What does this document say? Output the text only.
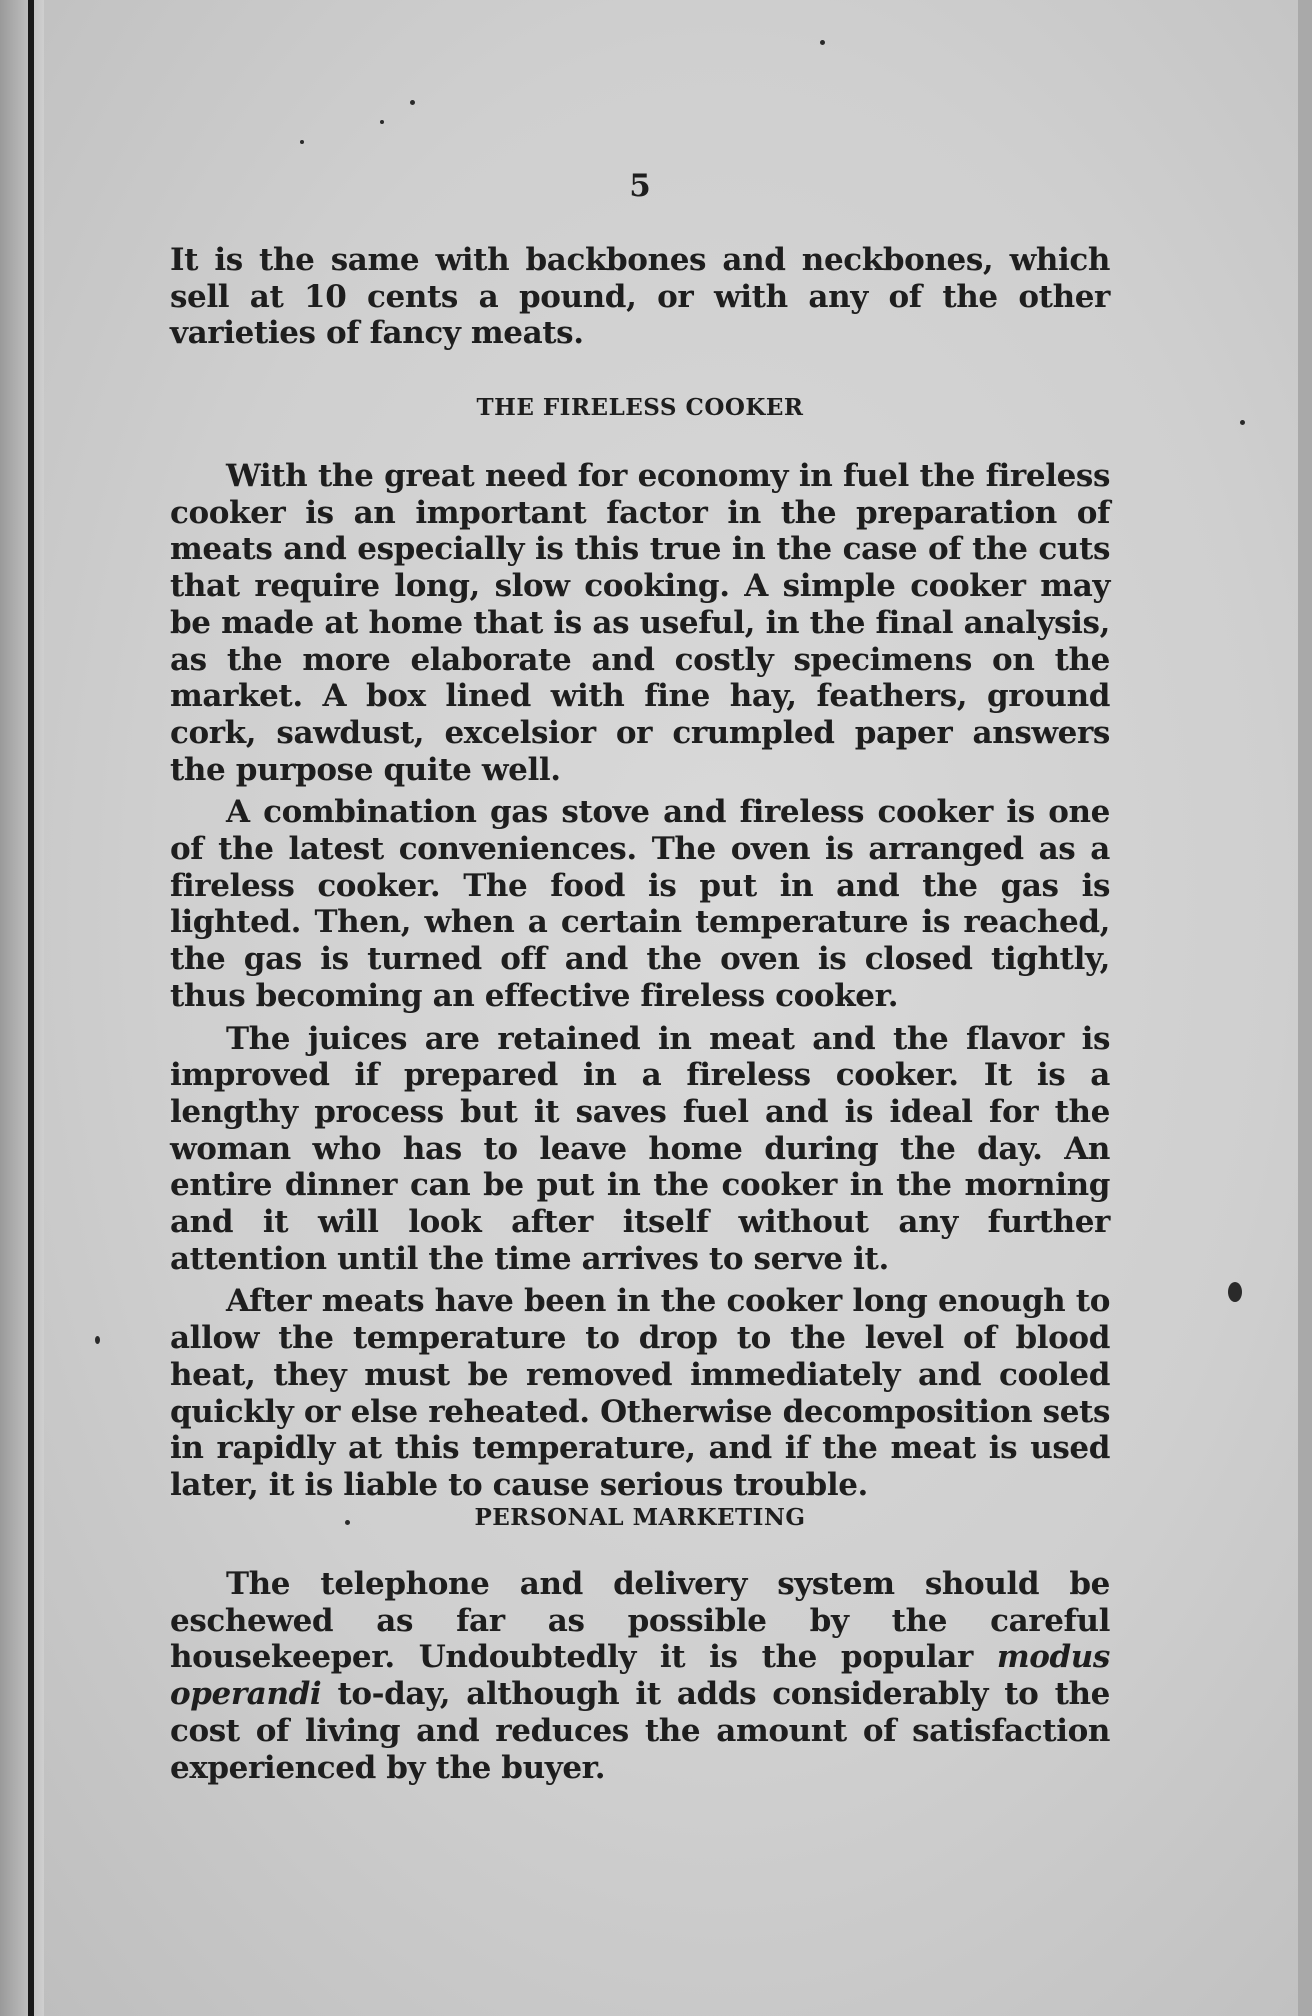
5

It is the same with backbones and neckbones, which sell at 10 cents a pound, or with any of the other varieties of fancy meats.

THE FIRELESS COOKER

With the great need for economy in fuel the fireless cooker is an important factor in the preparation of meats and especially is this true in the case of the cuts that require long, slow cooking. A simple cooker may be made at home that is as useful, in the final analysis, as the more elaborate and costly specimens on the market. A box lined with fine hay, feathers, ground cork, sawdust, excelsior or crumpled paper answers the purpose quite well.

A combination gas stove and fireless cooker is one of the latest conveniences. The oven is arranged as a fireless cooker. The food is put in and the gas is lighted. Then, when a certain temperature is reached, the gas is turned off and the oven is closed tightly, thus becoming an effective fireless cooker.

The juices are retained in meat and the flavor is improved if prepared in a fireless cooker. It is a lengthy process but it saves fuel and is ideal for the woman who has to leave home during the day. An entire dinner can be put in the cooker in the morning and it will look after itself without any further attention until the time arrives to serve it.

After meats have been in the cooker long enough to allow the temperature to drop to the level of blood heat, they must be removed immediately and cooled quickly or else reheated. Otherwise decomposition sets in rapidly at this temperature, and if the meat is used later, it is liable to cause serious trouble.

PERSONAL MARKETING

The telephone and delivery system should be eschewed as far as possible by the careful housekeeper. Undoubtedly it is the popular modus operandi to-day, although it adds considerably to the cost of living and reduces the amount of satisfaction experienced by the buyer.
